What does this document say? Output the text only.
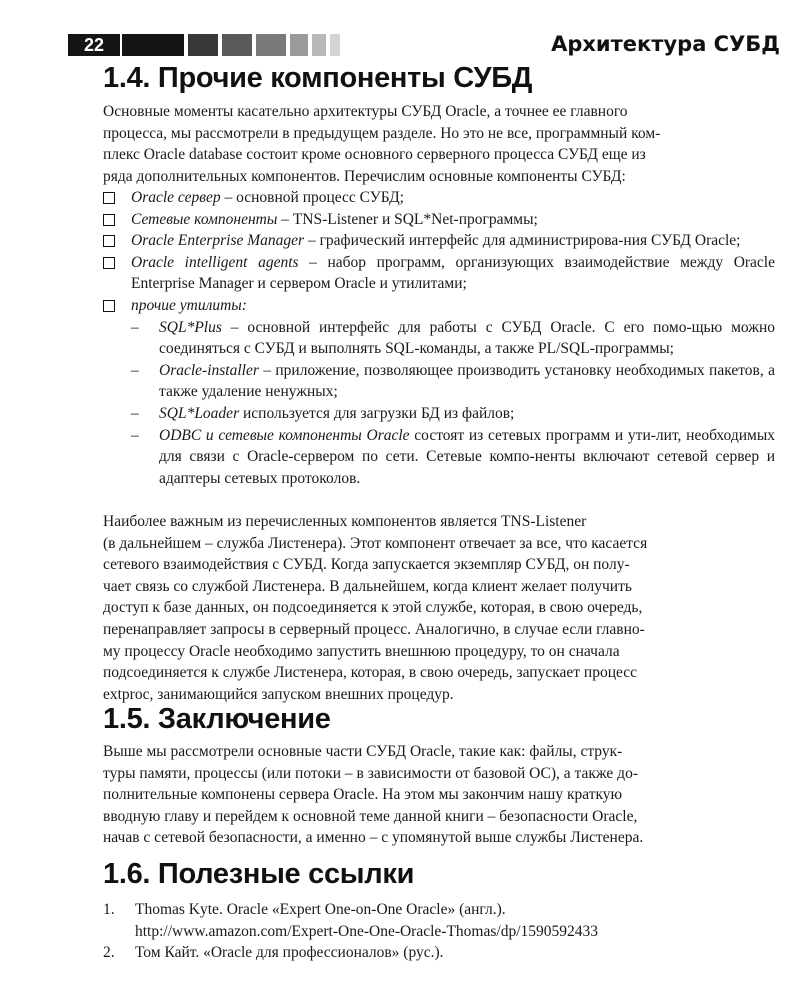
22	Архитектура СУБД
1.4. Прочие компоненты СУБД

Основные моменты касательно архитектуры СУБД Oracle, а точнее ее главного
процесса, мы рассмотрели в предыдущем разделе. Но это не все, программный ком-
плекс Oracle database состоит кроме основного серверного процесса СУБД еще из
ряда дополнительных компонентов. Перечислим основные компоненты СУБД:

Oracle сервер – основной процесс СУБД;
Сетевые компоненты – TNS-Listener и SQL*Net-программы;
Oracle Enterprise Manager – графический интерфейс для администрирова-ния СУБД Oracle;
Oracle intelligent agents – набор программ, организующих взаимодействие между Oracle Enterprise Manager и сервером Oracle и утилитами;
прочие утилиты:
– SQL*Plus – основной интерфейс для работы с СУБД Oracle. С его помо-щью можно соединяться с СУБД и выполнять SQL-команды, а также PL/SQL-программы;
– Oracle-installer – приложение, позволяющее производить установку необходимых пакетов, а также удаление ненужных;
– SQL*Loader используется для загрузки БД из файлов;
– ODBC и сетевые компоненты Oracle состоят из сетевых программ и ути-лит, необходимых для связи с Oracle-сервером по сети. Сетевые компо-ненты включают сетевой сервер и адаптеры сетевых протоколов.

Наиболее важным из перечисленных компонентов является TNS-Listener
(в дальнейшем – служба Листенера). Этот компонент отвечает за все, что касается
сетевого взаимодействия с СУБД. Когда запускается экземпляр СУБД, он полу-
чает связь со службой Листенера. В дальнейшем, когда клиент желает получить
доступ к базе данных, он подсоединяется к этой службе, которая, в свою очередь,
перенаправляет запросы в серверный процесс. Аналогично, в случае если главно-
му процессу Oracle необходимо запустить внешнюю процедуру, то он сначала
подсоединяется к службе Листенера, которая, в свою очередь, запускает процесс
extproc, занимающийся запуском внешних процедур.

1.5. Заключение

Выше мы рассмотрели основные части СУБД Oracle, такие как: файлы, струк-
туры памяти, процессы (или потоки – в зависимости от базовой ОС), а также до-
полнительные компонены сервера Oracle. На этом мы закончим нашу краткую
вводную главу и перейдем к основной теме данной книги – безопасности Oracle,
начав с сетевой безопасности, а именно – с упомянутой выше службы Листенера.

1.6. Полезные ссылки
1. Thomas Kyte. Oracle «Expert One-on-One Oracle» (англ.).
http://www.amazon.com/Expert-One-One-Oracle-Thomas/dp/1590592433
2. Том Кайт. «Oracle для профессионалов» (рус.).
